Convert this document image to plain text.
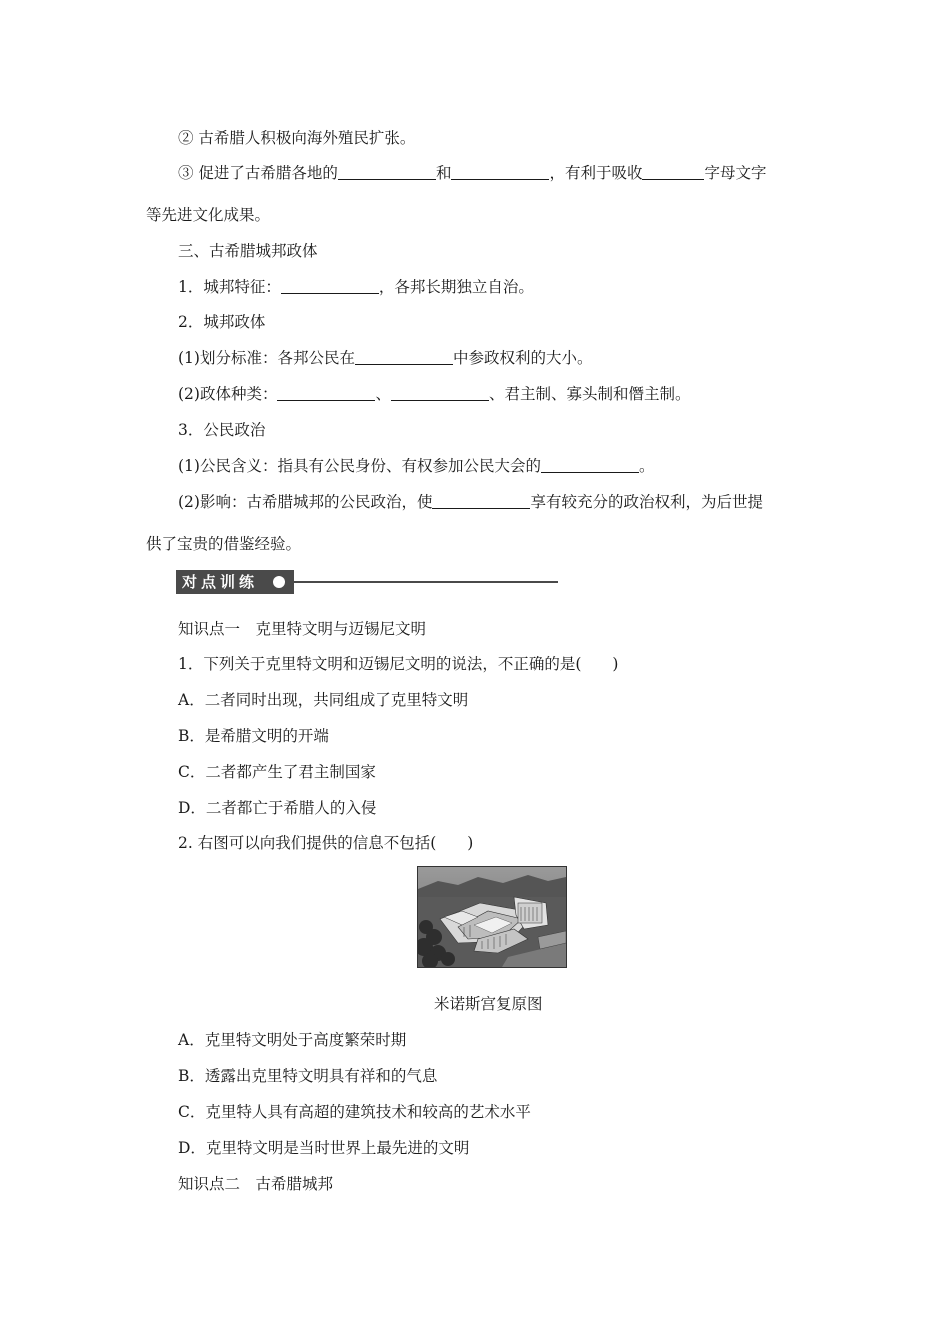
② 古希腊人积极向海外殖民扩张。
③ 促进了古希腊各地的	和	，有利于吸收	字母文字
等先进文化成果。
三、古希腊城邦政体
1．城邦特征：	，各邦长期独立自治。
2．城邦政体
(1)划分标准：各邦公民在	中参政权利的大小。
(2)政体种类：	、	、君主制、寡头制和僭主制。
3．公民政治
(1)公民含义：指具有公民身份、有权参加公民大会的	。
(2)影响：古希腊城邦的公民政治，使	享有较充分的政治权利，为后世提
供了宝贵的借鉴经验。
对点训练
知识点一　克里特文明与迈锡尼文明
1．下列关于克里特文明和迈锡尼文明的说法，不正确的是(　　)
A．二者同时出现，共同组成了克里特文明
B．是希腊文明的开端
C．二者都产生了君主制国家
D．二者都亡于希腊人的入侵
2. 右图可以向我们提供的信息不包括(　　)
米诺斯宫复原图
A．克里特文明处于高度繁荣时期
B．透露出克里特文明具有祥和的气息
C．克里特人具有高超的建筑技术和较高的艺术水平
D．克里特文明是当时世界上最先进的文明
知识点二　古希腊城邦
